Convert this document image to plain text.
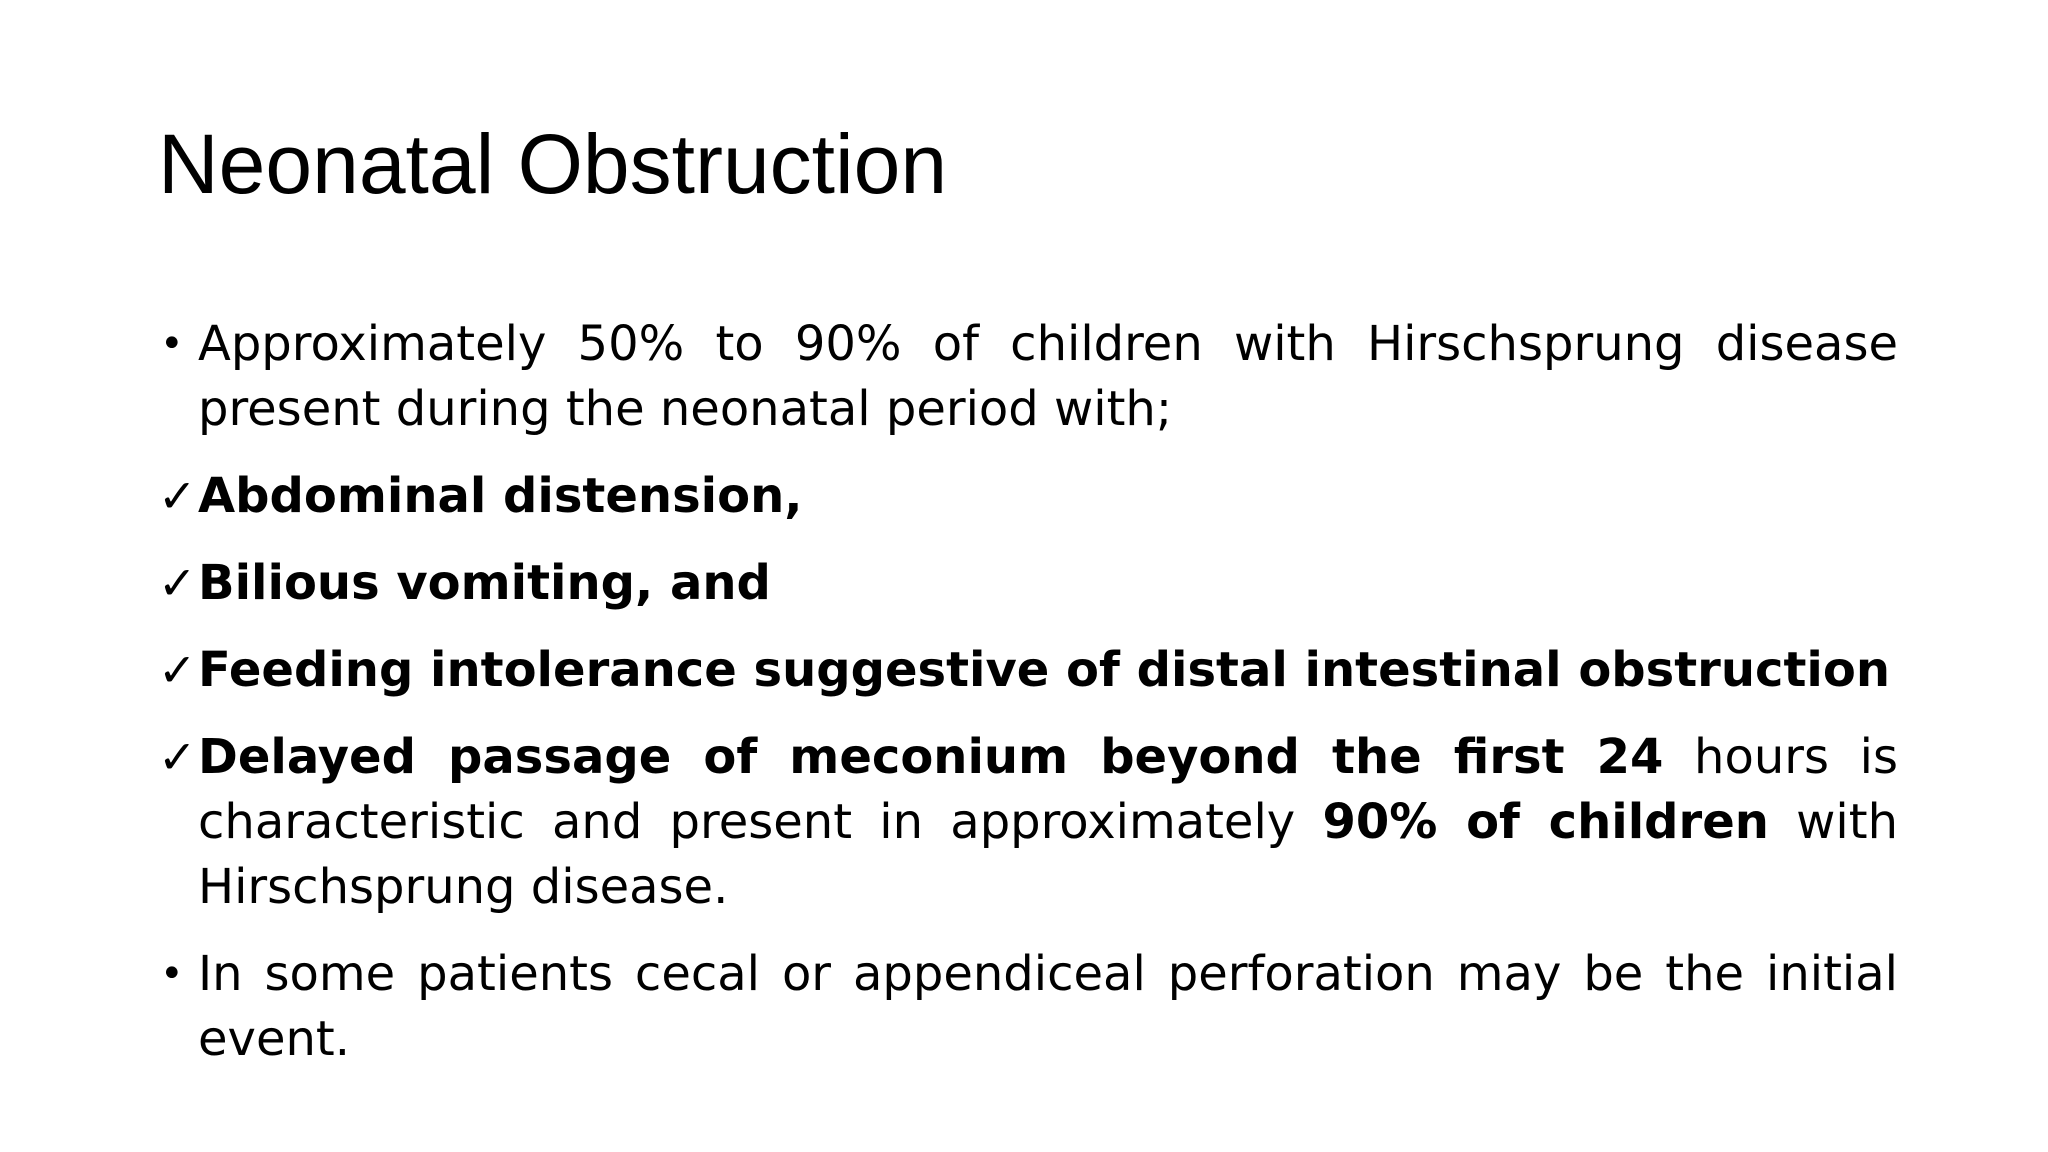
Neonatal Obstruction
• Approximately 50% to 90% of children with Hirschsprung disease present during the neonatal period with;
✓ Abdominal distension,
✓ Bilious vomiting, and
✓ Feeding intolerance suggestive of distal intestinal obstruction
✓ Delayed passage of meconium beyond the first 24 hours is characteristic and present in approximately 90% of children with Hirschsprung disease.
• In some patients cecal or appendiceal perforation may be the initial event.
